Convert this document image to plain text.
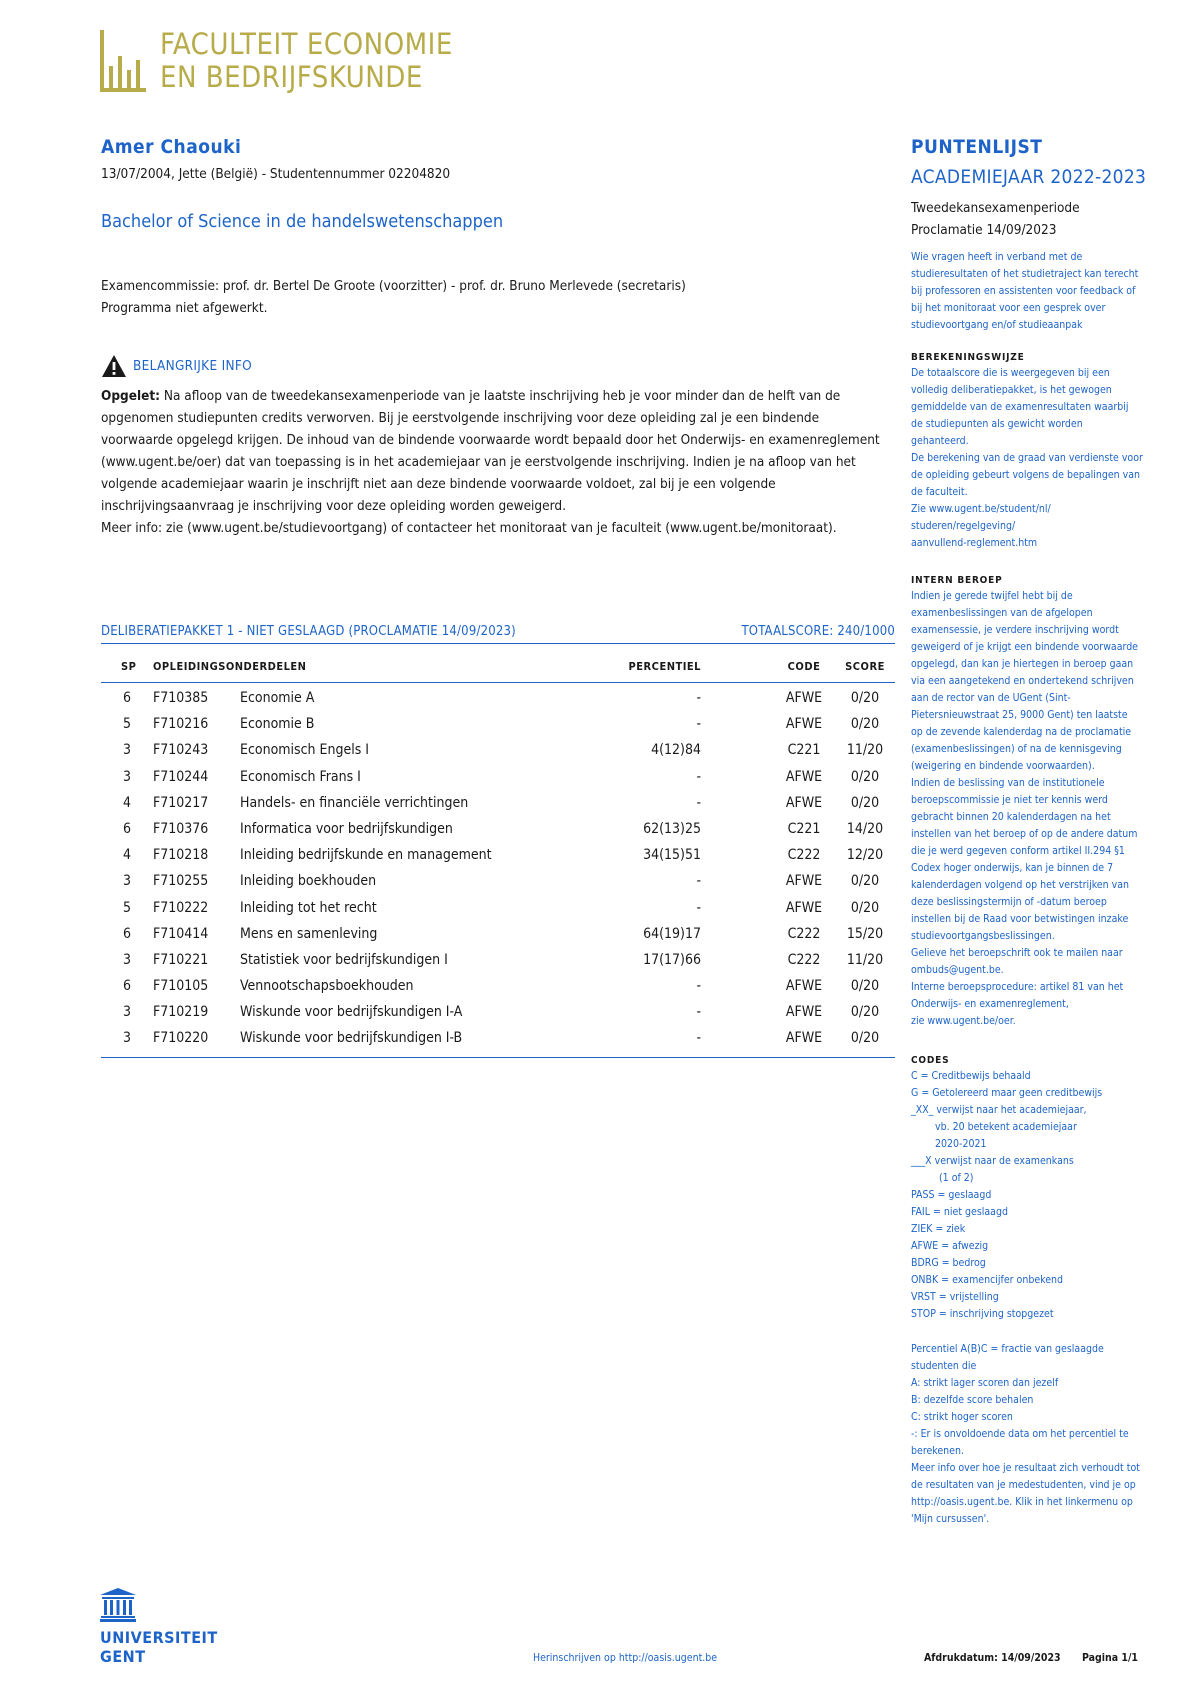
FACULTEIT ECONOMIE
EN BEDRIJFSKUNDE
Amer Chaouki
13/07/2004, Jette (België) - Studentennummer 02204820
Bachelor of Science in de handelswetenschappen
Examencommissie: prof. dr. Bertel De Groote (voorzitter) - prof. dr. Bruno Merlevede (secretaris)
Programma niet afgewerkt.
BELANGRIJKE INFO
Opgelet: Na afloop van de tweedekansexamenperiode van je laatste inschrijving heb je voor minder dan de helft van de
opgenomen studiepunten credits verworven. Bij je eerstvolgende inschrijving voor deze opleiding zal je een bindende
voorwaarde opgelegd krijgen. De inhoud van de bindende voorwaarde wordt bepaald door het Onderwijs- en examenreglement
(www.ugent.be/oer) dat van toepassing is in het academiejaar van je eerstvolgende inschrijving. Indien je na afloop van het
volgende academiejaar waarin je inschrijft niet aan deze bindende voorwaarde voldoet, zal bij je een volgende
inschrijvingsaanvraag je inschrijving voor deze opleiding worden geweigerd.
Meer info: zie (www.ugent.be/studievoortgang) of contacteer het monitoraat van je faculteit (www.ugent.be/monitoraat).
DELIBERATIEPAKKET 1 - NIET GESLAAGD (PROCLAMATIE 14/09/2023)	TOTAALSCORE: 240/1000
SP OPLEIDINGSONDERDELEN	PERCENTIEL	CODE	SCORE
6 F710385 Economie A	-	AFWE	0/20
5 F710216 Economie B	-	AFWE	0/20
3 F710243 Economisch Engels I	4(12)84	C221 11/20
3 F710244 Economisch Frans I	-	AFWE	0/20
4 F710217 Handels- en financiële verrichtingen	-	AFWE	0/20
6 F710376 Informatica voor bedrijfskundigen	62(13)25	C221 14/20
4 F710218 Inleiding bedrijfskunde en management	34(15)51	C222 12/20
3 F710255 Inleiding boekhouden	-	AFWE	0/20
5 F710222 Inleiding tot het recht	-	AFWE	0/20
6 F710414 Mens en samenleving	64(19)17	C222 15/20
3 F710221 Statistiek voor bedrijfskundigen I	17(17)66	C222 11/20
6 F710105 Vennootschapsboekhouden	-	AFWE	0/20
3 F710219 Wiskunde voor bedrijfskundigen I-A	-	AFWE	0/20
3 F710220 Wiskunde voor bedrijfskundigen I-B	-	AFWE	0/20
PUNTENLIJST
ACADEMIEJAAR 2022-2023
Tweedekansexamenperiode
Proclamatie 14/09/2023
Wie vragen heeft in verband met de
studieresultaten of het studietraject kan terecht
bij professoren en assistenten voor feedback of
bij het monitoraat voor een gesprek over
studievoortgang en/of studieaanpak
BEREKENINGSWIJZE
De totaalscore die is weergegeven bij een
volledig deliberatiepakket, is het gewogen
gemiddelde van de examenresultaten waarbij
de studiepunten als gewicht worden
gehanteerd.
De berekening van de graad van verdienste voor
de opleiding gebeurt volgens de bepalingen van
de faculteit.
Zie www.ugent.be/student/nl/
studeren/regelgeving/
aanvullend-reglement.htm
INTERN BEROEP
Indien je gerede twijfel hebt bij de
examenbeslissingen van de afgelopen
examensessie, je verdere inschrijving wordt
geweigerd of je krijgt een bindende voorwaarde
opgelegd, dan kan je hiertegen in beroep gaan
via een aangetekend en ondertekend schrijven
aan de rector van de UGent (Sint-
Pietersnieuwstraat 25, 9000 Gent) ten laatste
op de zevende kalenderdag na de proclamatie
(examenbeslissingen) of na de kennisgeving
(weigering en bindende voorwaarden).
Indien de beslissing van de institutionele
beroepscommissie je niet ter kennis werd
gebracht binnen 20 kalenderdagen na het
instellen van het beroep of op de andere datum
die je werd gegeven conform artikel II.294 §1
Codex hoger onderwijs, kan je binnen de 7
kalenderdagen volgend op het verstrijken van
deze beslissingstermijn of -datum beroep
instellen bij de Raad voor betwistingen inzake
studievoortgangsbeslissingen.
Gelieve het beroepschrift ook te mailen naar
ombuds@ugent.be.
Interne beroepsprocedure: artikel 81 van het
Onderwijs- en examenreglement,
zie www.ugent.be/oer.
CODES
C = Creditbewijs behaald
G = Getolereerd maar geen creditbewijs
_XX_ verwijst naar het academiejaar,
vb. 20 betekent academiejaar
2020-2021
___X verwijst naar de examenkans
(1 of 2)
PASS = geslaagd
FAIL = niet geslaagd
ZIEK = ziek
AFWE = afwezig
BDRG = bedrog
ONBK = examencijfer onbekend
VRST = vrijstelling
STOP = inschrijving stopgezet
Percentiel A(B)C = fractie van geslaagde
studenten die
A: strikt lager scoren dan jezelf
B: dezelfde score behalen
C: strikt hoger scoren
-: Er is onvoldoende data om het percentiel te
berekenen.
Meer info over hoe je resultaat zich verhoudt tot
de resultaten van je medestudenten, vind je op
http://oasis.ugent.be. Klik in het linkermenu op
'Mijn cursussen'.
UNIVERSITEIT
GENT	Herinschrijven op http://oasis.ugent.be	Afdrukdatum: 14/09/2023 Pagina 1/1
